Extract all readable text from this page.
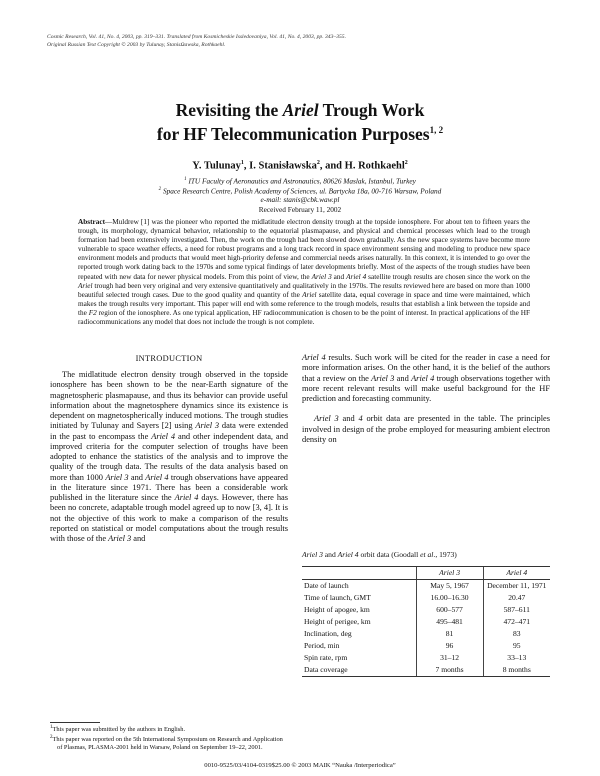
Cosmic Research, Vol. 41, No. 4, 2003, pp. 319–331. Translated from Kosmicheskie Issledovaniya, Vol. 41, No. 4, 2003, pp. 343–355.
Original Russian Text Copyright © 2003 by Tulunay, StanisΩawska, Rothkaehl.
Revisiting the Ariel Trough Work
for HF Telecommunication Purposes$^{1, 2}$
Y. Tulunay$^1$, I. Stanisławska$^2$, and H. Rothkaehl$^2$
$^1$ ITU Faculty of Aeronautics and Astronautics, 80626 Maslak, Istanbul, Turkey
$^2$ Space Research Centre, Polish Academy of Sciences, ul. Bartycka 18a, 00-716 Warsaw, Poland
e-mail: stanis@cbk.waw.pl
Received February 11, 2002
Abstract—Muldrew [1] was the pioneer who reported the midlatitude electron density trough at the topside ionosphere. For about ten to fifteen years the trough, its morphology, dynamical behavior, relationship to the equatorial plasmapause, and physical and chemical processes which lead to the trough formation had been extensively investigated. Then, the work on the trough had been slowed down gradually. As the new space systems have become more vulnerable to space weather effects, a need for robust programs and a long track record in space environment sensing and modeling to produce new space environment models and products that would meet high-priority defense and commercial needs arises naturally. In this context, it is intended to go over the reported trough work dating back to the 1970s and some typical findings of later developments briefly. Most of the aspects of the trough studies have been repeated with new data for newer physical models. From this point of view, the Ariel 3 and Ariel 4 satellite trough results are chosen since the work on the Ariel trough had been very original and very extensive quantitatively and qualitatively in the 1970s. The results reviewed here are based on more than 1000 beautiful selected trough cases. Due to the good quality and quantity of the Ariel satellite data, equal coverage in space and time were maintained, which makes the trough results very important. This paper will end with some reference to the trough models, results that establish a link between the topside and the F2 region of the ionosphere. As one typical application, HF radiocommunication is chosen to be the point of interest. In practical applications of the HF radiocommunications any model that does not include the trough is not complete.
INTRODUCTION

The midlatitude electron density trough observed in the topside ionosphere has been shown to be the near-Earth signature of the magnetospheric plasmapause, and thus its behavior can provide useful information about the magnetosphere dynamics since its existence is dependent on magnetospherically induced motions. The trough studies initiated by Tulunay and Sayers [2] using Ariel 3 data were extended in the past to encompass the Ariel 4 and other independent data, and improved criteria for the computer selection of troughs have been adopted to enhance the statistics of the analysis and to improve the quality of the trough data. The results of the data analysis based on more than 1000 Ariel 3 and Ariel 4 trough observations have appeared in the literature since 1971. There has been a considerable work published in the literature since the Ariel 4 days. However, there has been no concrete, adaptable trough model agreed up to now [3, 4]. It is not the objective of this work to make a comparison of the results reported on statistical or model computations about the trough results with those of the Ariel 3 and

Ariel 4 results. Such work will be cited for the reader in case a need for more information arises. On the other hand, it is the belief of the authors that a review on the Ariel 3 and Ariel 4 trough observations together with more recent relevant results will make useful background for the HF prediction and forecasting community.

Ariel 3 and 4 orbit data are presented in the table. The principles involved in design of the probe employed for measuring ambient electron density on

Ariel 3 and Ariel 4 orbit data (Goodall et al., 1973)
	Ariel 3	Ariel 4
Date of launch	May 5, 1967	December 11, 1971
Time of launch, GMT	16.00–16.30	20.47
Height of apogee, km	600–577	587–611
Height of perigee, km	495–481	472–471
Inclination, deg	81	83
Period, min	96	95
Spin rate, rpm	31–12	33–13
Data coverage	7 months	8 months
$^1$This paper was submitted by the authors in English.
$^2$This paper was reported on the 5th International Symposium on Research and Application of Plasmas, PLASMA-2001 held in Warsaw, Poland on September 19–22, 2001.
0010-9525/03/4104-0319$25.00 © 2003 MAIK “Nauka /Interperiodica”
